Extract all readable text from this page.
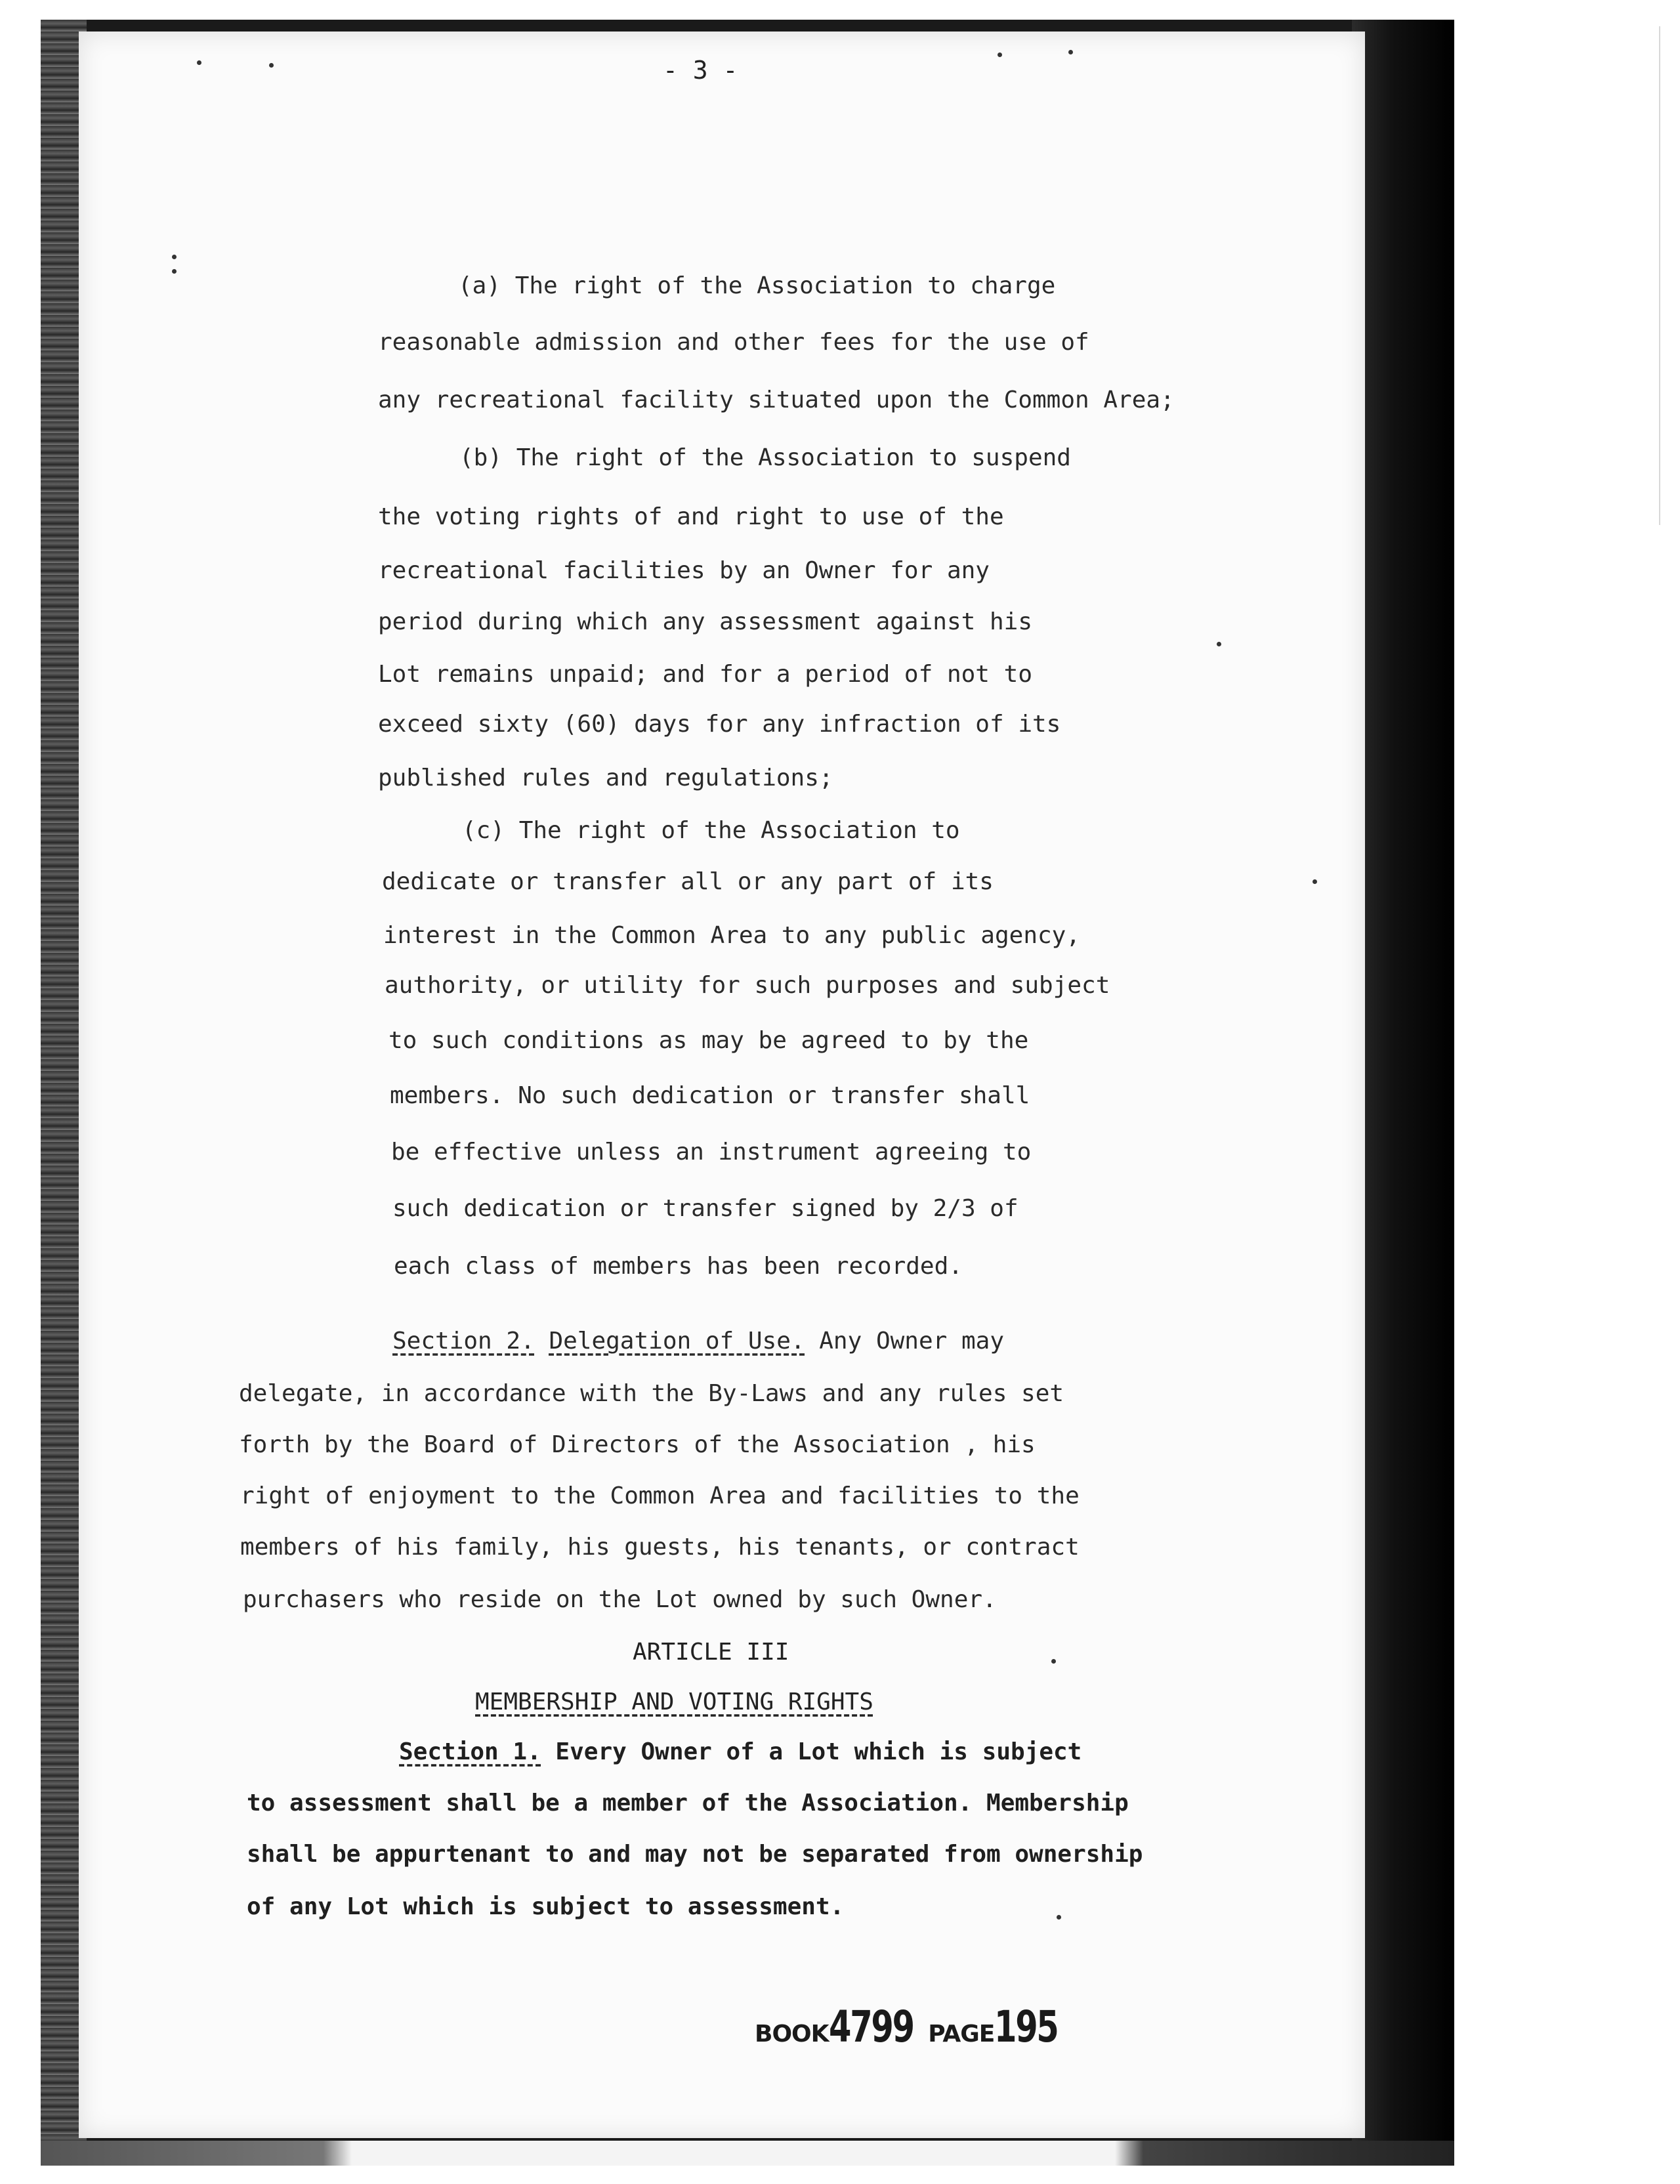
- 3 -

(a) The right of the Association to charge

reasonable admission and other fees for the use of

any recreational facility situated upon the Common Area;

(b) The right of the Association to suspend

the voting rights of and right to use of the

recreational facilities by an Owner for any

period during which any assessment against his

Lot remains unpaid; and for a period of not to

exceed sixty (60) days for any infraction of its

published rules and regulations;

(c) The right of the Association to

dedicate or transfer all or any part of its

interest in the Common Area to any public agency,

authority, or utility for such purposes and subject

to such conditions as may be agreed to by the

members. No such dedication or transfer shall

be effective unless an instrument agreeing to

such dedication or transfer signed by 2/3 of

each class of members has been recorded.

Section 2. Delegation of Use. Any Owner may

delegate, in accordance with the By-Laws and any rules set

forth by the Board of Directors of the Association , his

right of enjoyment to the Common Area and facilities to the

members of his family, his guests, his tenants, or contract

purchasers who reside on the Lot owned by such Owner.

ARTICLE III

MEMBERSHIP AND VOTING RIGHTS

Section 1. Every Owner of a Lot which is subject

to assessment shall be a member of the Association. Membership

shall be appurtenant to and may not be separated from ownership

of any Lot which is subject to assessment.

BOOK4799 PAGE195
